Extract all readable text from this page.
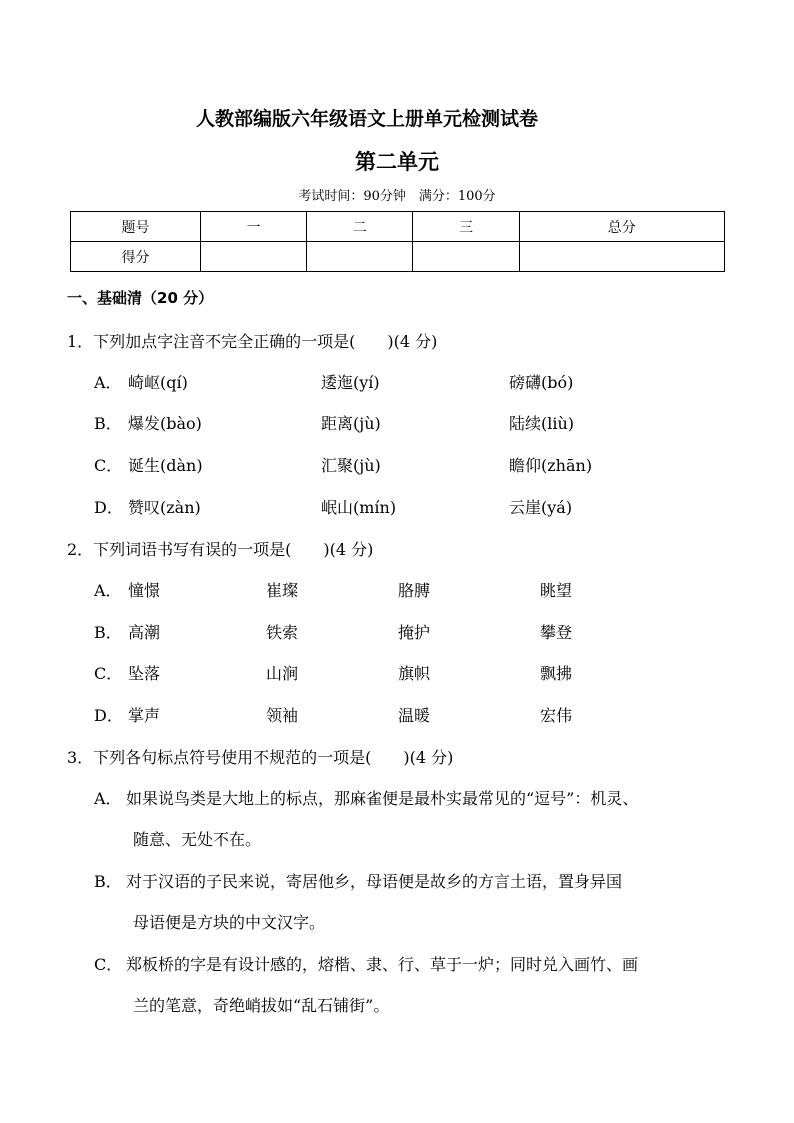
人教部编版六年级语文上册单元检测试卷
第二单元
考试时间：90分钟　满分：100分
题号	一	二	三	总分
得分				
一、基础清（20 分）
1．下列加点字注音不完全正确的一项是(　　)(4 分)
A． 崎岖(qí)	逶迤(yí)	磅礴(bó)
B． 爆发(bào)	距离(jù)	陆续(liù)
C． 诞生(dàn)	汇聚(jù)	瞻仰(zhān)
D． 赞叹(zàn)	岷山(mín)	云崖(yá)
2．下列词语书写有误的一项是(　　)(4 分)
A． 憧憬	崔璨	胳膊	眺望
B． 高潮	铁索	掩护	攀登
C． 坠落	山涧	旗帜	飘拂
D． 掌声	领袖	温暖	宏伟
3．下列各句标点符号使用不规范的一项是(　　)(4 分)
A． 如果说鸟类是大地上的标点，那麻雀便是最朴实最常见的“逗号”：机灵、
随意、无处不在。
B． 对于汉语的子民来说，寄居他乡，母语便是故乡的方言土语，置身异国
母语便是方块的中文汉字。
C． 郑板桥的字是有设计感的，熔楷、隶、行、草于一炉；同时兑入画竹、画
兰的笔意，奇绝峭拔如“乱石铺街”。
